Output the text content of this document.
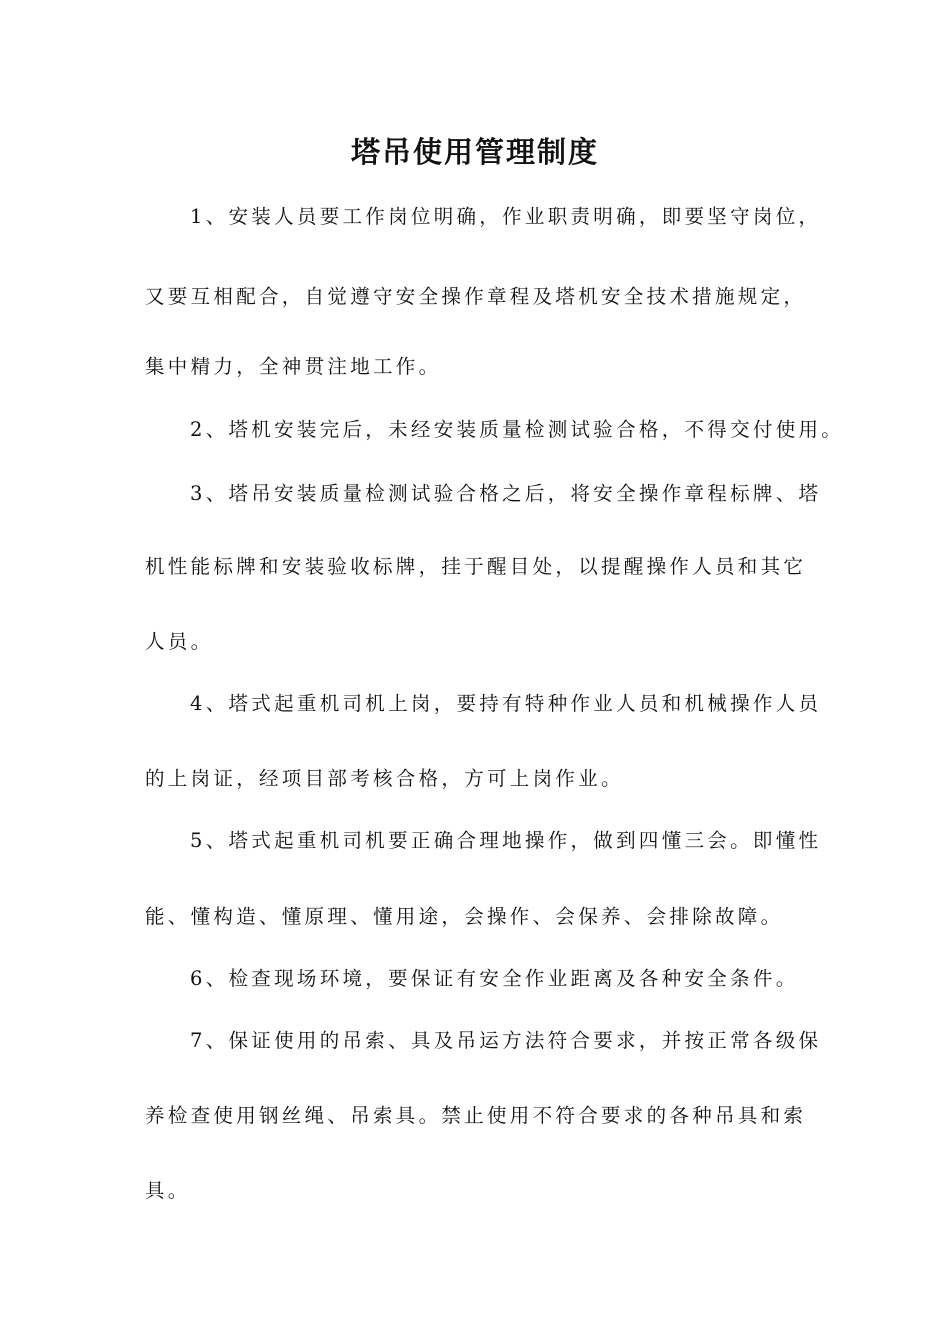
塔吊使用管理制度
1、安装人员要工作岗位明确，作业职责明确，即要坚守岗位，
又要互相配合，自觉遵守安全操作章程及塔机安全技术措施规定，
集中精力，全神贯注地工作。
2、塔机安装完后，未经安装质量检测试验合格，不得交付使用。
3、塔吊安装质量检测试验合格之后，将安全操作章程标牌、塔
机性能标牌和安装验收标牌，挂于醒目处，以提醒操作人员和其它
人员。
4、塔式起重机司机上岗，要持有特种作业人员和机械操作人员
的上岗证，经项目部考核合格，方可上岗作业。
5、塔式起重机司机要正确合理地操作，做到四懂三会。即懂性
能、懂构造、懂原理、懂用途，会操作、会保养、会排除故障。
6、检查现场环境，要保证有安全作业距离及各种安全条件。
7、保证使用的吊索、具及吊运方法符合要求，并按正常各级保
养检查使用钢丝绳、吊索具。禁止使用不符合要求的各种吊具和索
具。
